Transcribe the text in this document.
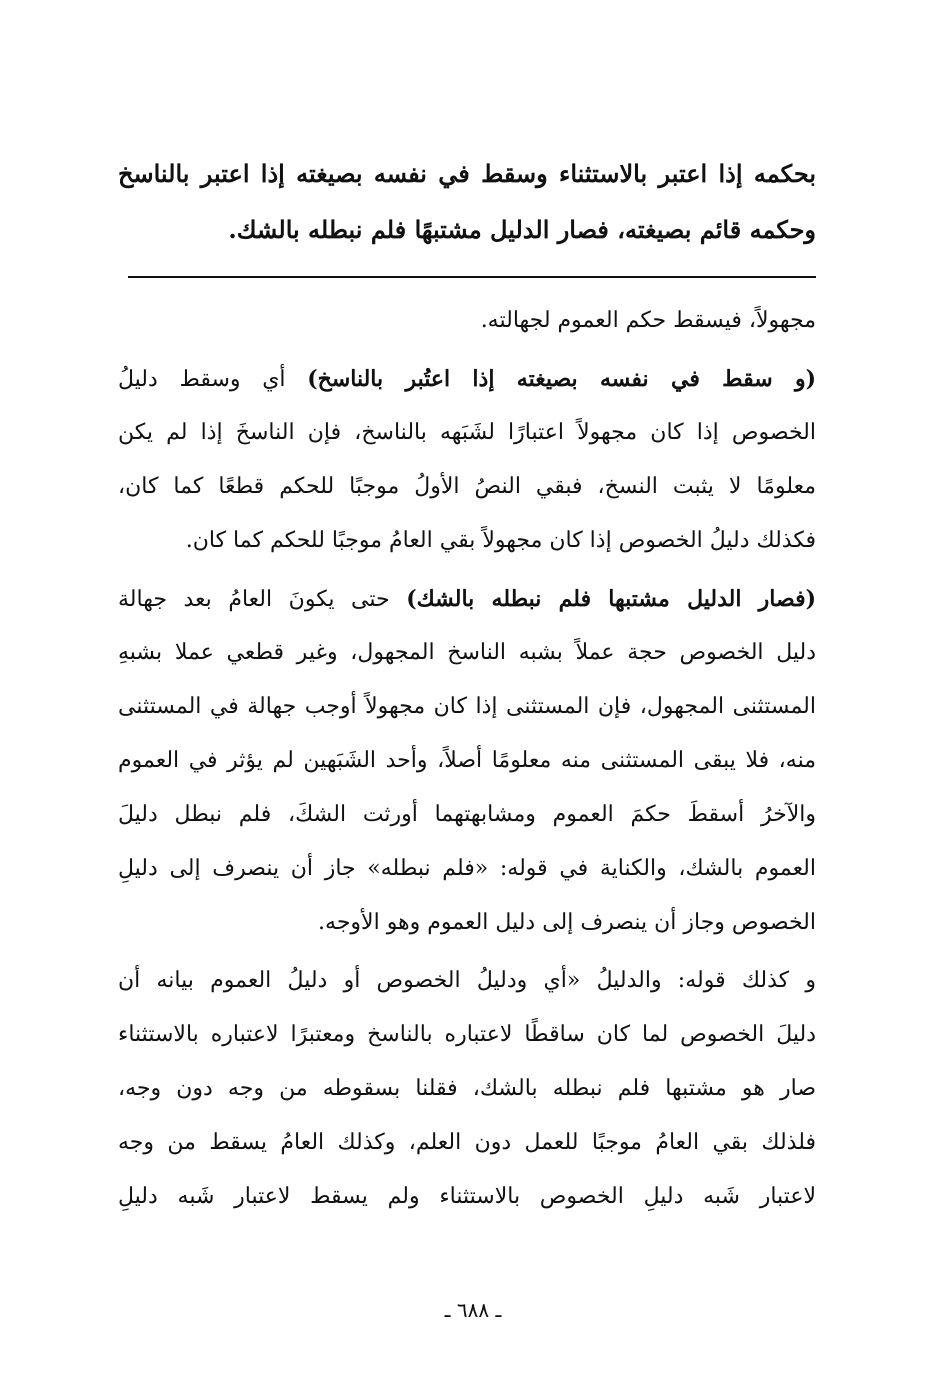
بحكمه إذا اعتبر بالاستثناء وسقط في نفسه بصيغته إذا اعتبر بالناسخ
وحكمه قائم بصيغته، فصار الدليل مشتبهًا فلم نبطله بالشك.
مجهولاً، فيسقط حكم العموم لجهالته.
(و سقط في نفسه بصيغته إذا اعتُبر بالناسخ) أي وسقط دليلُ
الخصوص إذا كان مجهولاً اعتبارًا لشَبَهه بالناسخ، فإن الناسخَ إذا لم يكن
معلومًا لا يثبت النسخ، فبقي النصُ الأولُ موجبًا للحكم قطعًا كما كان،
فكذلك دليلُ الخصوص إذا كان مجهولاً بقي العامُ موجبًا للحكم كما كان.
(فصار الدليل مشتبها فلم نبطله بالشك) حتى يكونَ العامُ بعد جهالة
دليل الخصوص حجة عملاً بشبه الناسخ المجهول، وغير قطعي عملا بشبهِ
المستثنى المجهول، فإن المستثنى إذا كان مجهولاً أوجب جهالة في المستثنى
منه، فلا يبقى المستثنى منه معلومًا أصلاً، وأحد الشَبَهين لم يؤثر في العموم
والآخرُ أسقطَ حكمَ العموم ومشابهتهما أورثت الشكَ، فلم نبطل دليلَ
العموم بالشك، والكناية في قوله: «فلم نبطله» جاز أن ينصرف إلى دليلِ
الخصوص وجاز أن ينصرف إلى دليل العموم وهو الأوجه.
و كذلك قوله: والدليلُ «أي ودليلُ الخصوص أو دليلُ العموم بيانه أن
دليلَ الخصوص لما كان ساقطًا لاعتباره بالناسخ ومعتبرًا لاعتباره بالاستثناء
صار هو مشتبها فلم نبطله بالشك، فقلنا بسقوطه من وجه دون وجه،
فلذلك بقي العامُ موجبًا للعمل دون العلم، وكذلك العامُ يسقط من وجه
لاعتبار شَبه دليلِ الخصوص بالاستثناء ولم يسقط لاعتبار شَبه دليلِ
ـ ٦٨٨ ـ
